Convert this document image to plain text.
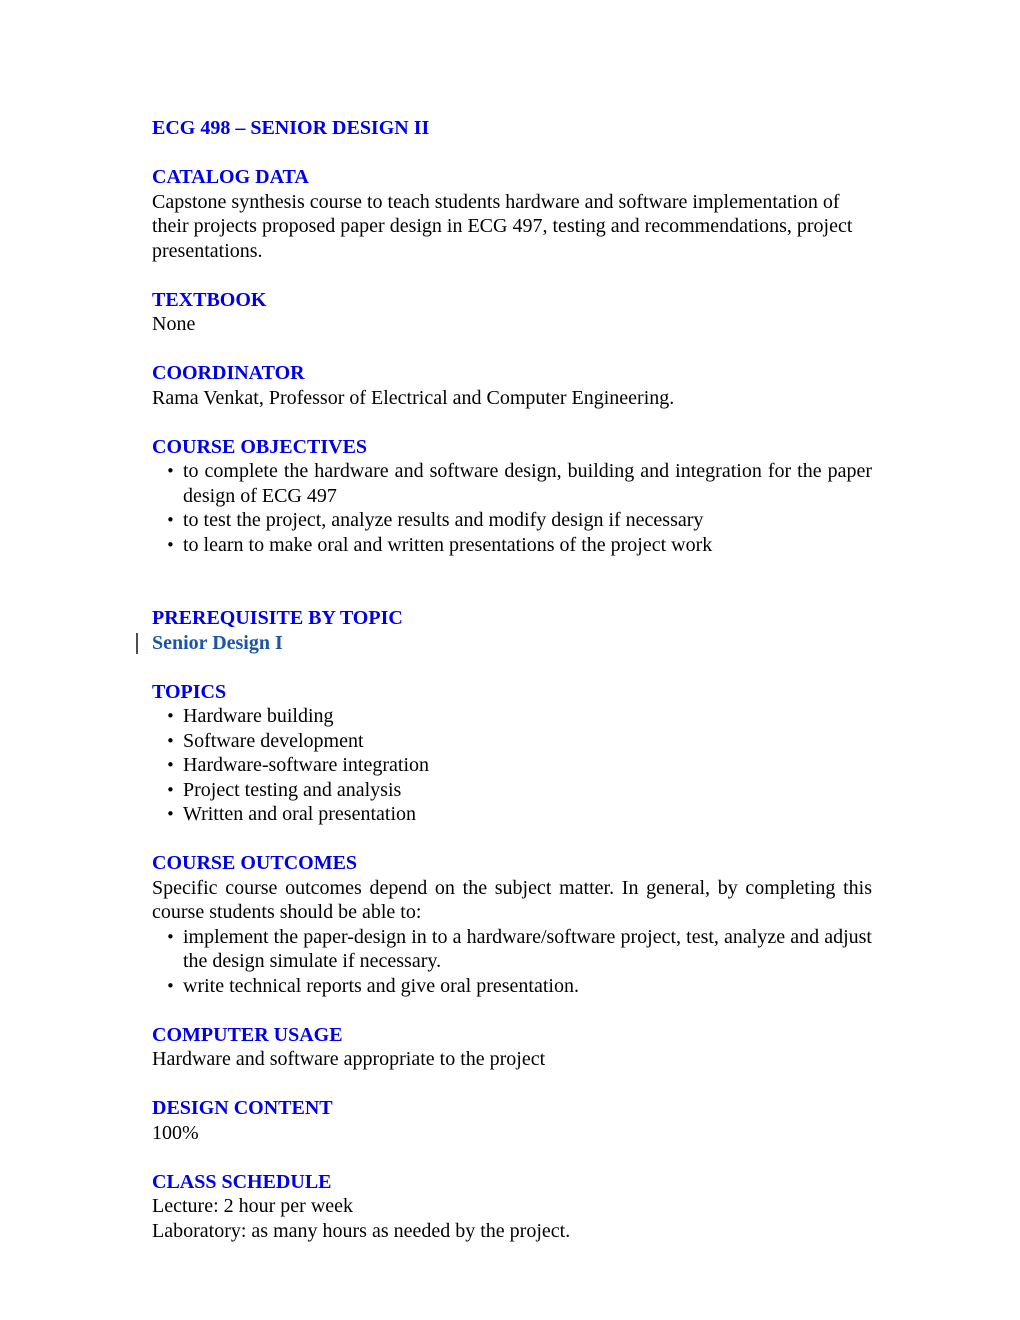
ECG 498 – SENIOR DESIGN II
CATALOG DATA

Capstone synthesis course to teach students hardware and software implementation of their projects proposed paper design in ECG 497, testing and recommendations, project presentations.

TEXTBOOK

None

COORDINATOR

Rama Venkat, Professor of Electrical and Computer Engineering.

COURSE OBJECTIVES
• to complete the hardware and software design, building and integration for the paper design of ECG 497
• to test the project, analyze results and modify design if necessary
• to learn to make oral and written presentations of the project work
PREREQUISITE BY TOPIC
Senior Design I
TOPICS
• Hardware building
• Software development
• Hardware-software integration
• Project testing and analysis
• Written and oral presentation
COURSE OUTCOMES

Specific course outcomes depend on the subject matter. In general, by completing this course students should be able to:

• implement the paper-design in to a hardware/software project, test, analyze and adjust the design simulate if necessary.
• write technical reports and give oral presentation.
COMPUTER USAGE

Hardware and software appropriate to the project

DESIGN CONTENT

100%

CLASS SCHEDULE

Lecture: 2 hour per week

Laboratory: as many hours as needed by the project.
